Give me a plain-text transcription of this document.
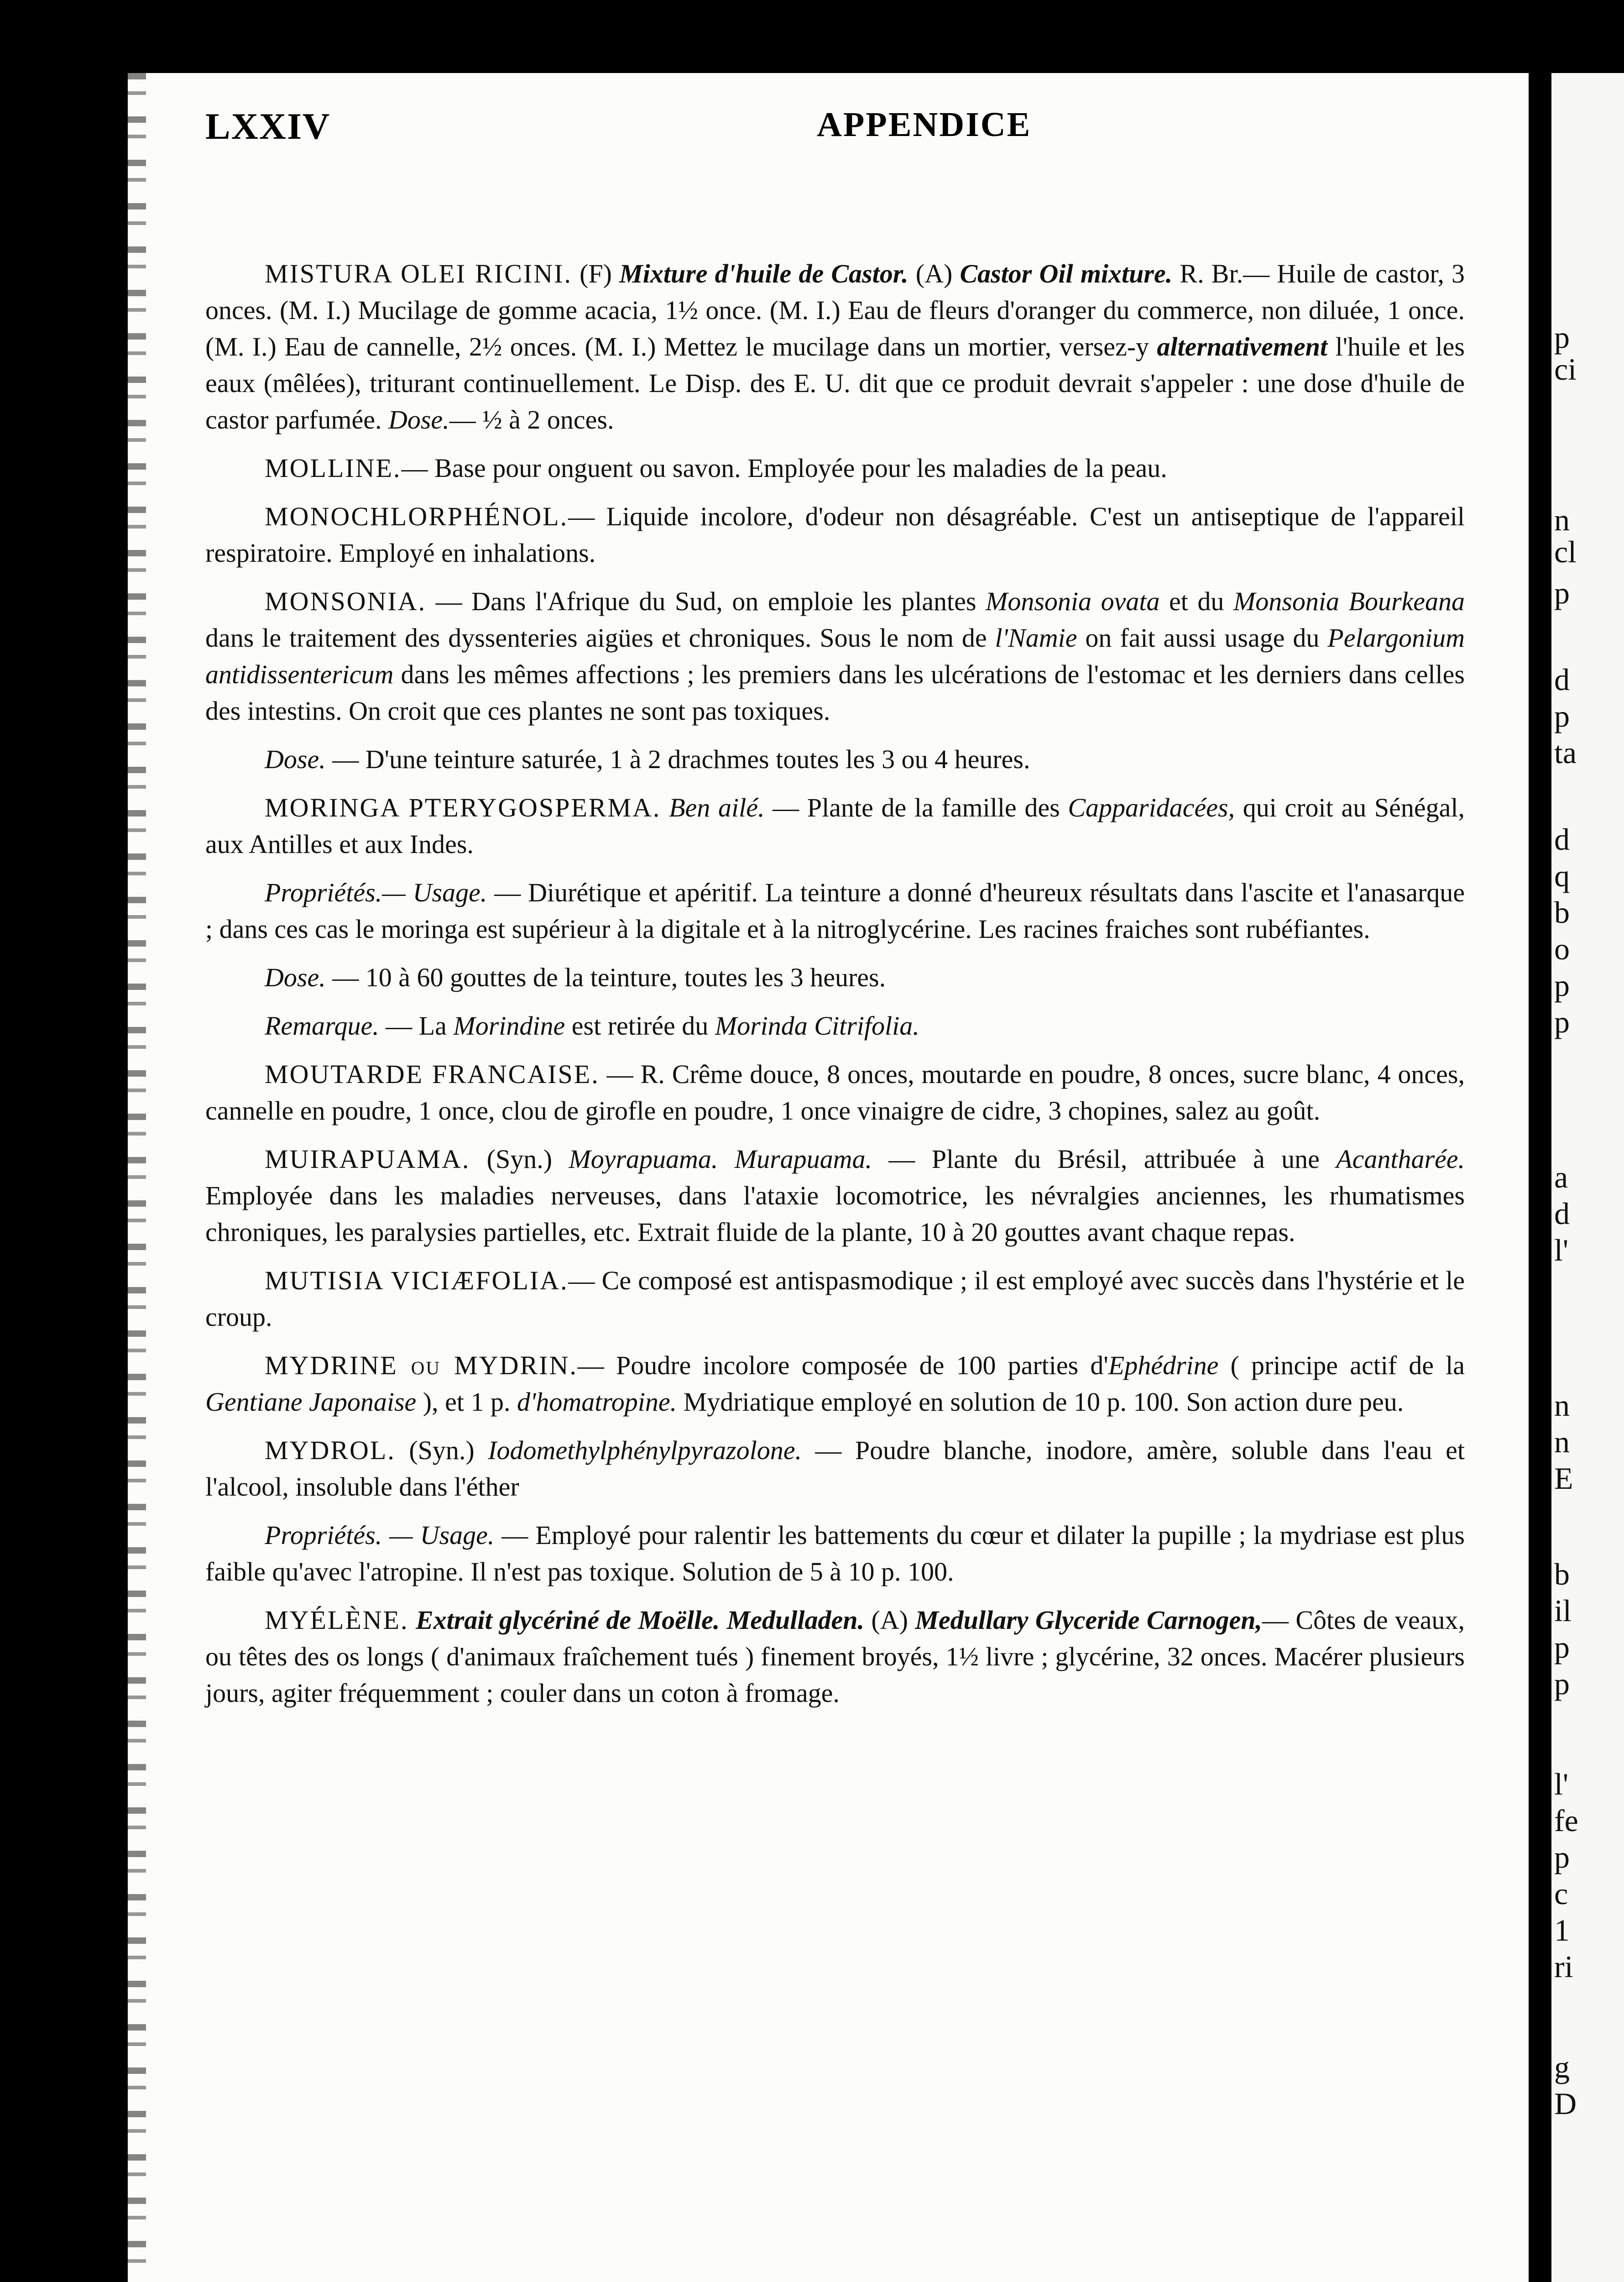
p
ci
n
cl
p
d
p
ta
d
q
b
o
p
p
a
d
l'
n
n
E
b
il
p
p
l'
fe
p
c
1
ri
g
D
LXXIV	APPENDICE

MISTURA OLEI RICINI. (F) Mixture d'huile de Castor. (A) Castor Oil mixture. R. Br.— Huile de castor, 3 onces. (M. I.) Mucilage de gomme acacia, 1½ once. (M. I.) Eau de fleurs d'oranger du commerce, non diluée, 1 once. (M. I.) Eau de cannelle, 2½ onces. (M. I.) Mettez le mucilage dans un mortier, versez-y alternativement l'huile et les eaux (mêlées), triturant continuellement. Le Disp. des E. U. dit que ce produit devrait s'appeler : une dose d'huile de castor parfumée. Dose.— ½ à 2 onces.

MOLLINE.— Base pour onguent ou savon. Employée pour les maladies de la peau.

MONOCHLORPHÉNOL.— Liquide incolore, d'odeur non désagréable. C'est un antiseptique de l'appareil respiratoire. Employé en inhalations.

MONSONIA. — Dans l'Afrique du Sud, on emploie les plantes Monsonia ovata et du Monsonia Bourkeana dans le traitement des dyssenteries aigües et chroniques. Sous le nom de l'Namie on fait aussi usage du Pelargonium antidissentericum dans les mêmes affections ; les premiers dans les ulcérations de l'estomac et les derniers dans celles des intestins. On croit que ces plantes ne sont pas toxiques.

Dose. — D'une teinture saturée, 1 à 2 drachmes toutes les 3 ou 4 heures.

MORINGA PTERYGOSPERMA. Ben ailé. — Plante de la famille des Capparidacées, qui croit au Sénégal, aux Antilles et aux Indes.

Propriétés.— Usage. — Diurétique et apéritif. La teinture a donné d'heureux résultats dans l'ascite et l'anasarque ; dans ces cas le moringa est supérieur à la digitale et à la nitroglycérine. Les racines fraiches sont rubéfiantes.

Dose. — 10 à 60 gouttes de la teinture, toutes les 3 heures.

Remarque. — La Morindine est retirée du Morinda Citrifolia.

MOUTARDE FRANCAISE. — R. Crême douce, 8 onces, moutarde en poudre, 8 onces, sucre blanc, 4 onces, cannelle en poudre, 1 once, clou de girofle en poudre, 1 once vinaigre de cidre, 3 chopines, salez au goût.

MUIRAPUAMA. (Syn.) Moyrapuama. Murapuama. — Plante du Brésil, attribuée à une Acantharée. Employée dans les maladies nerveuses, dans l'ataxie locomotrice, les névralgies anciennes, les rhumatismes chroniques, les paralysies partielles, etc. Extrait fluide de la plante, 10 à 20 gouttes avant chaque repas.

MUTISIA VICIÆFOLIA.— Ce composé est antispasmodique ; il est employé avec succès dans l'hystérie et le croup.

MYDRINE ou MYDRIN.— Poudre incolore composée de 100 parties d'Ephédrine ( principe actif de la Gentiane Japonaise ), et 1 p. d'homatropine. Mydriatique employé en solution de 10 p. 100. Son action dure peu.

MYDROL. (Syn.) Iodomethylphénylpyrazolone. — Poudre blanche, inodore, amère, soluble dans l'eau et l'alcool, insoluble dans l'éther

Propriétés. — Usage. — Employé pour ralentir les battements du cœur et dilater la pupille ; la mydriase est plus faible qu'avec l'atropine. Il n'est pas toxique. Solution de 5 à 10 p. 100.

MYÉLÈNE. Extrait glycériné de Moëlle. Medulladen. (A) Medullary Glyceride Carnogen,— Côtes de veaux, ou têtes des os longs ( d'animaux fraîchement tués ) finement broyés, 1½ livre ; glycérine, 32 onces. Macérer plusieurs jours, agiter fréquemment ; couler dans un coton à fromage.
